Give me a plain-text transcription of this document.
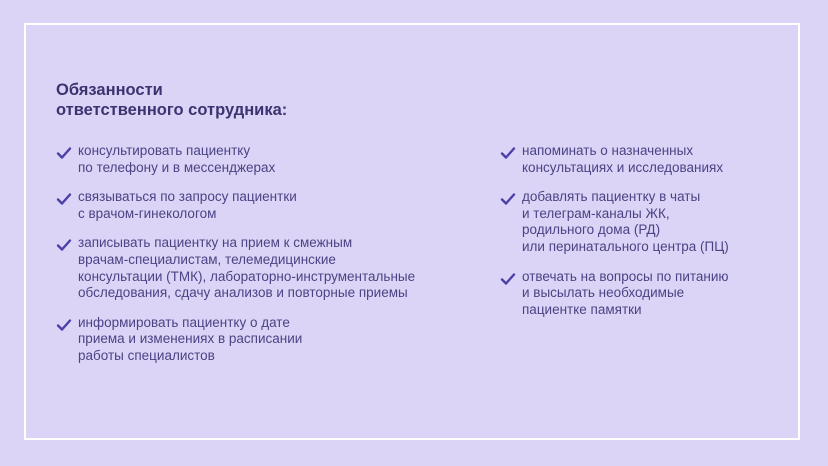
Обязанности
ответственного сотрудника:
консультировать пациентку
по телефону и в мессенджерах
связываться по запросу пациентки
с врачом-гинекологом
записывать пациентку на прием к смежным
врачам-специалистам, телемедицинские
консультации (ТМК), лабораторно-инструментальные
обследования, сдачу анализов и повторные приемы
информировать пациентку о дате
приема и изменениях в расписании
работы специалистов
напоминать о назначенных
консультациях и исследованиях
добавлять пациентку в чаты
и телеграм-каналы ЖК,
родильного дома (РД)
или перинатального центра (ПЦ)
отвечать на вопросы по питанию
и высылать необходимые
пациентке памятки
